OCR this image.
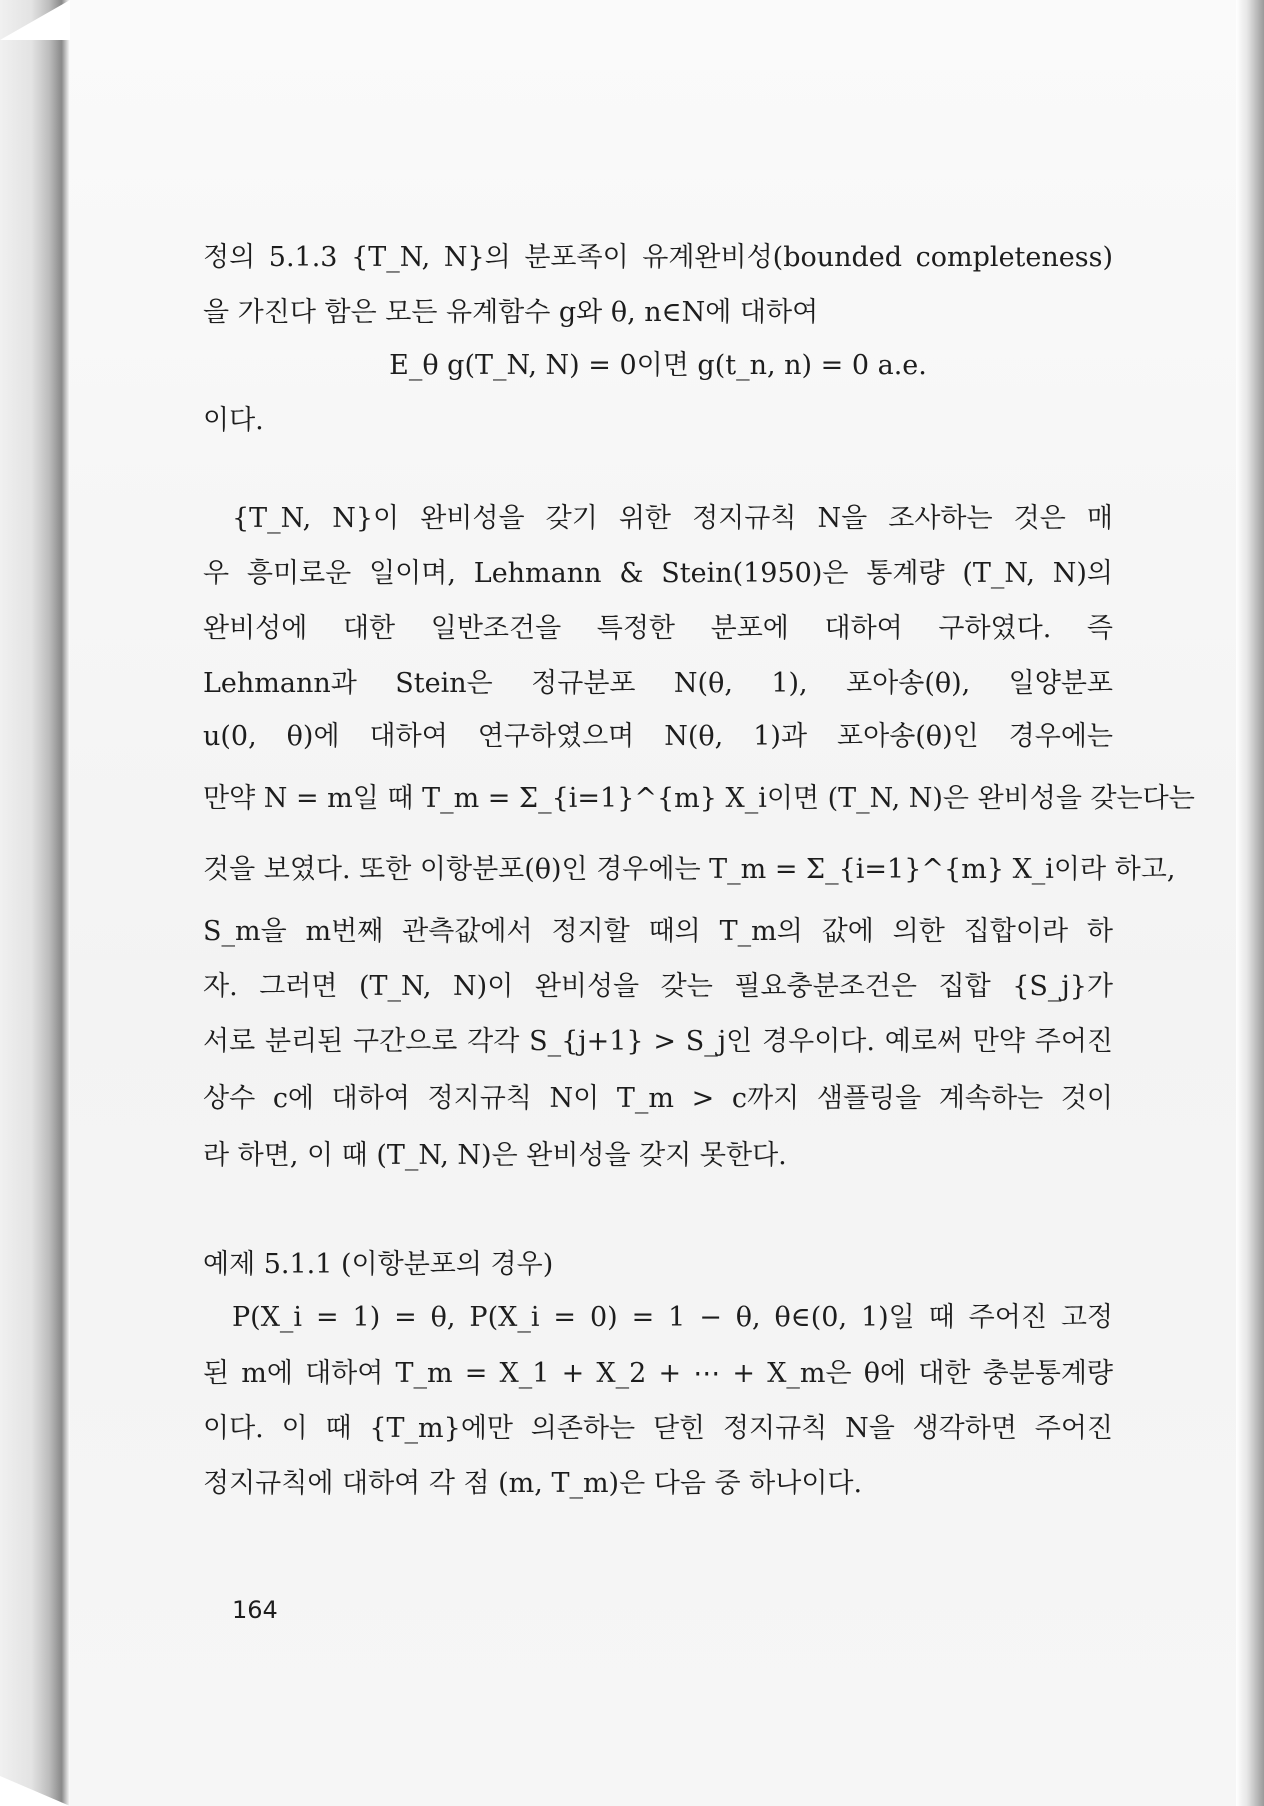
정의 5.1.3 {T_N, N}의 분포족이 유계완비성(bounded completeness)
을 가진다 함은 모든 유계함수 g와 θ, n∈N에 대하여
E_θ g(T_N, N) = 0이면 g(t_n, n) = 0 a.e.
이다.
{T_N, N}이 완비성을 갖기 위한 정지규칙 N을 조사하는 것은 매
우 흥미로운 일이며, Lehmann & Stein(1950)은 통계량 (T_N, N)의
완비성에 대한 일반조건을 특정한 분포에 대하여 구하였다. 즉
Lehmann과 Stein은 정규분포 N(θ, 1), 포아송(θ), 일양분포
u(0, θ)에 대하여 연구하였으며 N(θ, 1)과 포아송(θ)인 경우에는
만약 N = m일 때 T_m = Σ_{i=1}^{m} X_i이면 (T_N, N)은 완비성을 갖는다는
것을 보였다. 또한 이항분포(θ)인 경우에는 T_m = Σ_{i=1}^{m} X_i이라 하고,
S_m을 m번째 관측값에서 정지할 때의 T_m의 값에 의한 집합이라 하
자. 그러면 (T_N, N)이 완비성을 갖는 필요충분조건은 집합 {S_j}가
서로 분리된 구간으로 각각 S_{j+1} > S_j인 경우이다. 예로써 만약 주어진
상수 c에 대하여 정지규칙 N이 T_m > c까지 샘플링을 계속하는 것이
라 하면, 이 때 (T_N, N)은 완비성을 갖지 못한다.
예제 5.1.1 (이항분포의 경우)
P(X_i = 1) = θ, P(X_i = 0) = 1 − θ, θ∈(0, 1)일 때 주어진 고정
된 m에 대하여 T_m = X_1 + X_2 + ⋯ + X_m은 θ에 대한 충분통계량
이다. 이 때 {T_m}에만 의존하는 닫힌 정지규칙 N을 생각하면 주어진
정지규칙에 대하여 각 점 (m, T_m)은 다음 중 하나이다.
164
